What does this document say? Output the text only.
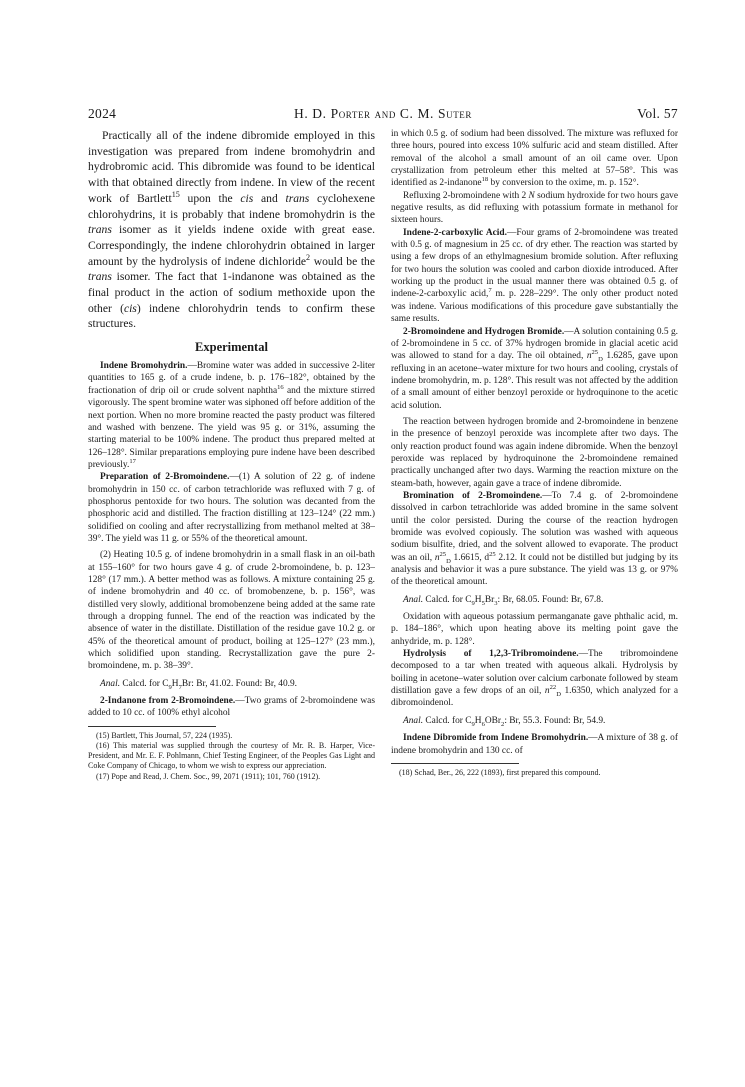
2024	H. D. Porter and C. M. Suter	Vol. 57

Practically all of the indene dibromide employed in this investigation was prepared from indene bromohydrin and hydrobromic acid. This dibromide was found to be identical with that obtained directly from indene. In view of the recent work of Bartlett$^{15}$ upon the cis and trans cyclohexene chlorohydrins, it is probably that indene bromohydrin is the trans isomer as it yields indene oxide with great ease. Correspondingly, the indene chlorohydrin obtained in larger amount by the hydrolysis of indene dichloride$^2$ would be the trans isomer. The fact that 1-indanone was obtained as the final product in the action of sodium methoxide upon the other (cis) indene chlorohydrin tends to confirm these structures.

Experimental

Indene Bromohydrin.—Bromine water was added in successive 2-liter quantities to 165 g. of a crude indene, b. p. 176–182°, obtained by the fractionation of drip oil or crude solvent naphtha$^{16}$ and the mixture stirred vigorously. The spent bromine water was siphoned off before addition of the next portion. When no more bromine reacted the pasty product was filtered and washed with benzene. The yield was 95 g. or 31%, assuming the starting material to be 100% indene. The product thus prepared melted at 126–128°. Similar preparations employing pure indene have been described previously.$^{17}$

Preparation of 2-Bromoindene.—(1) A solution of 22 g. of indene bromohydrin in 150 cc. of carbon tetrachloride was refluxed with 7 g. of phosphorus pentoxide for two hours. The solution was decanted from the phosphoric acid and distilled. The fraction distilling at 123–124° (22 mm.) solidified on cooling and after recrystallizing from methanol melted at 38–39°. The yield was 11 g. or 55% of the theoretical amount.

(2) Heating 10.5 g. of indene bromohydrin in a small flask in an oil-bath at 155–160° for two hours gave 4 g. of crude 2-bromoindene, b. p. 123–128° (17 mm.). A better method was as follows. A mixture containing 25 g. of indene bromohydrin and 40 cc. of bromobenzene, b. p. 156°, was distilled very slowly, additional bromobenzene being added at the same rate through a dropping funnel. The end of the reaction was indicated by the absence of water in the distillate. Distillation of the residue gave 10.2 g. or 45% of the theoretical amount of product, boiling at 125–127° (23 mm.), which solidified upon standing. Recrystallization gave the pure 2-bromoindene, m. p. 38–39°.

Anal. Calcd. for $C_9H_7Br$: Br, 41.02. Found: Br, 40.9.

2-Indanone from 2-Bromoindene.—Two grams of 2-bromoindene was added to 10 cc. of 100% ethyl alcohol

(15) Bartlett, This Journal, 57, 224 (1935).

(16) This material was supplied through the courtesy of Mr. R. B. Harper, Vice-President, and Mr. E. F. Pohlmann, Chief Testing Engineer, of the Peoples Gas Light and Coke Company of Chicago, to whom we wish to express our appreciation.

(17) Pope and Read, J. Chem. Soc., 99, 2071 (1911); 101, 760 (1912).

in which 0.5 g. of sodium had been dissolved. The mixture was refluxed for three hours, poured into excess 10% sulfuric acid and steam distilled. After removal of the alcohol a small amount of an oil came over. Upon crystallization from petroleum ether this melted at 57–58°. This was identified as 2-indanone$^{18}$ by conversion to the oxime, m. p. 152°.

Refluxing 2-bromoindene with 2 N sodium hydroxide for two hours gave negative results, as did refluxing with potassium formate in methanol for sixteen hours.

Indene-2-carboxylic Acid.—Four grams of 2-bromoindene was treated with 0.5 g. of magnesium in 25 cc. of dry ether. The reaction was started by using a few drops of an ethylmagnesium bromide solution. After refluxing for two hours the solution was cooled and carbon dioxide introduced. After working up the product in the usual manner there was obtained 0.5 g. of indene-2-carboxylic acid,$^7$ m. p. 228–229°. The only other product noted was indene. Various modifications of this procedure gave substantially the same results.

2-Bromoindene and Hydrogen Bromide.—A solution containing 0.5 g. of 2-bromoindene in 5 cc. of 37% hydrogen bromide in glacial acetic acid was allowed to stand for a day. The oil obtained, $n^{25}_D$ 1.6285, gave upon refluxing in an acetone–water mixture for two hours and cooling, crystals of indene bromohydrin, m. p. 128°. This result was not affected by the addition of a small amount of either benzoyl peroxide or hydroquinone to the acetic acid solution.

The reaction between hydrogen bromide and 2-bromoindene in benzene in the presence of benzoyl peroxide was incomplete after two days. The only reaction product found was again indene dibromide. When the benzoyl peroxide was replaced by hydroquinone the 2-bromoindene remained practically unchanged after two days. Warming the reaction mixture on the steam-bath, however, again gave a trace of indene dibromide.

Bromination of 2-Bromoindene.—To 7.4 g. of 2-bromoindene dissolved in carbon tetrachloride was added bromine in the same solvent until the color persisted. During the course of the reaction hydrogen bromide was evolved copiously. The solution was washed with aqueous sodium bisulfite, dried, and the solvent allowed to evaporate. The product was an oil, $n^{25}_D$ 1.6615, $d^{25}$ 2.12. It could not be distilled but judging by its analysis and behavior it was a pure substance. The yield was 13 g. or 97% of the theoretical amount.

Anal. Calcd. for $C_9H_5Br_3$: Br, 68.05. Found: Br, 67.8.

Oxidation with aqueous potassium permanganate gave phthalic acid, m. p. 184–186°, which upon heating above its melting point gave the anhydride, m. p. 128°.

Hydrolysis of 1,2,3-Tribromoindene.—The tribromoindene decomposed to a tar when treated with aqueous alkali. Hydrolysis by boiling in acetone–water solution over calcium carbonate followed by steam distillation gave a few drops of an oil, $n^{22}_D$ 1.6350, which analyzed for a dibromoindenol.

Anal. Calcd. for $C_9H_6OBr_2$: Br, 55.3. Found: Br, 54.9.

Indene Dibromide from Indene Bromohydrin.—A mixture of 38 g. of indene bromohydrin and 130 cc. of

(18) Schad, Ber., 26, 222 (1893), first prepared this compound.
